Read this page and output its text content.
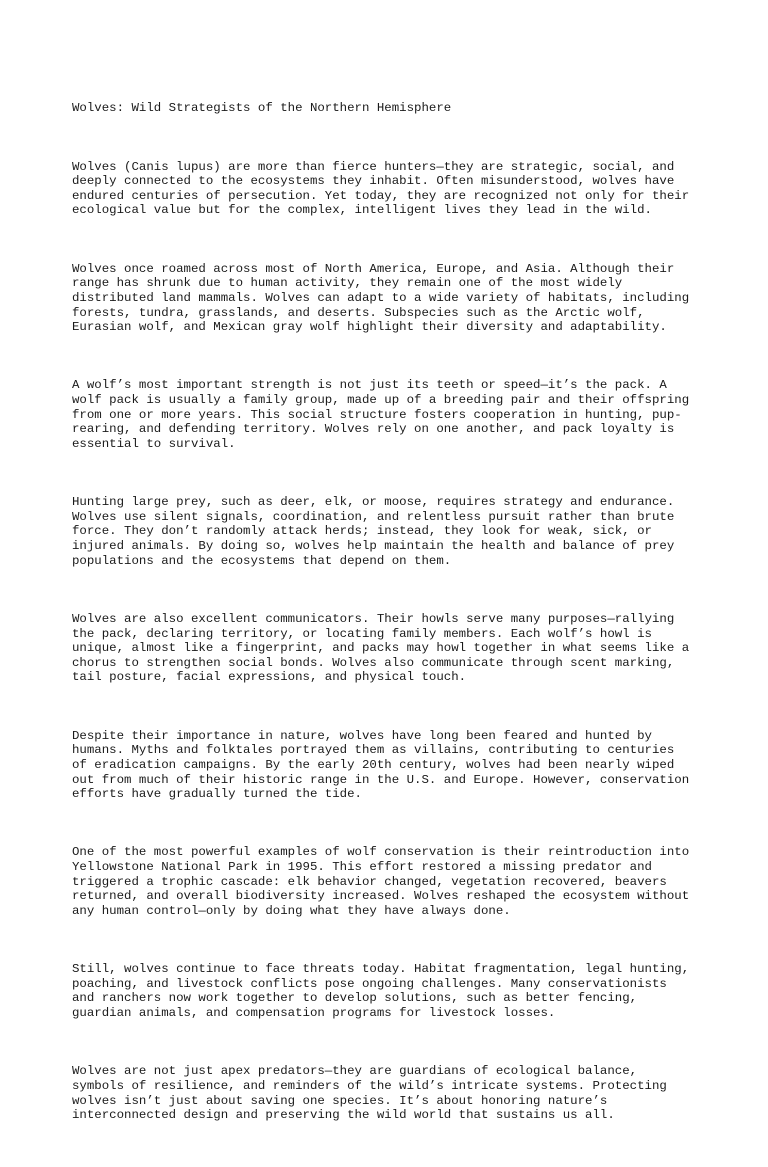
Wolves: Wild Strategists of the Northern Hemisphere

Wolves (Canis lupus) are more than fierce hunters—they are strategic, social, and
deeply connected to the ecosystems they inhabit. Often misunderstood, wolves have
endured centuries of persecution. Yet today, they are recognized not only for their
ecological value but for the complex, intelligent lives they lead in the wild.

Wolves once roamed across most of North America, Europe, and Asia. Although their
range has shrunk due to human activity, they remain one of the most widely
distributed land mammals. Wolves can adapt to a wide variety of habitats, including
forests, tundra, grasslands, and deserts. Subspecies such as the Arctic wolf,
Eurasian wolf, and Mexican gray wolf highlight their diversity and adaptability.

A wolf’s most important strength is not just its teeth or speed—it’s the pack. A
wolf pack is usually a family group, made up of a breeding pair and their offspring
from one or more years. This social structure fosters cooperation in hunting, pup-
rearing, and defending territory. Wolves rely on one another, and pack loyalty is
essential to survival.

Hunting large prey, such as deer, elk, or moose, requires strategy and endurance.
Wolves use silent signals, coordination, and relentless pursuit rather than brute
force. They don’t randomly attack herds; instead, they look for weak, sick, or
injured animals. By doing so, wolves help maintain the health and balance of prey
populations and the ecosystems that depend on them.

Wolves are also excellent communicators. Their howls serve many purposes—rallying
the pack, declaring territory, or locating family members. Each wolf’s howl is
unique, almost like a fingerprint, and packs may howl together in what seems like a
chorus to strengthen social bonds. Wolves also communicate through scent marking,
tail posture, facial expressions, and physical touch.

Despite their importance in nature, wolves have long been feared and hunted by
humans. Myths and folktales portrayed them as villains, contributing to centuries
of eradication campaigns. By the early 20th century, wolves had been nearly wiped
out from much of their historic range in the U.S. and Europe. However, conservation
efforts have gradually turned the tide.

One of the most powerful examples of wolf conservation is their reintroduction into
Yellowstone National Park in 1995. This effort restored a missing predator and
triggered a trophic cascade: elk behavior changed, vegetation recovered, beavers
returned, and overall biodiversity increased. Wolves reshaped the ecosystem without
any human control—only by doing what they have always done.

Still, wolves continue to face threats today. Habitat fragmentation, legal hunting,
poaching, and livestock conflicts pose ongoing challenges. Many conservationists
and ranchers now work together to develop solutions, such as better fencing,
guardian animals, and compensation programs for livestock losses.

Wolves are not just apex predators—they are guardians of ecological balance,
symbols of resilience, and reminders of the wild’s intricate systems. Protecting
wolves isn’t just about saving one species. It’s about honoring nature’s
interconnected design and preserving the wild world that sustains us all.
